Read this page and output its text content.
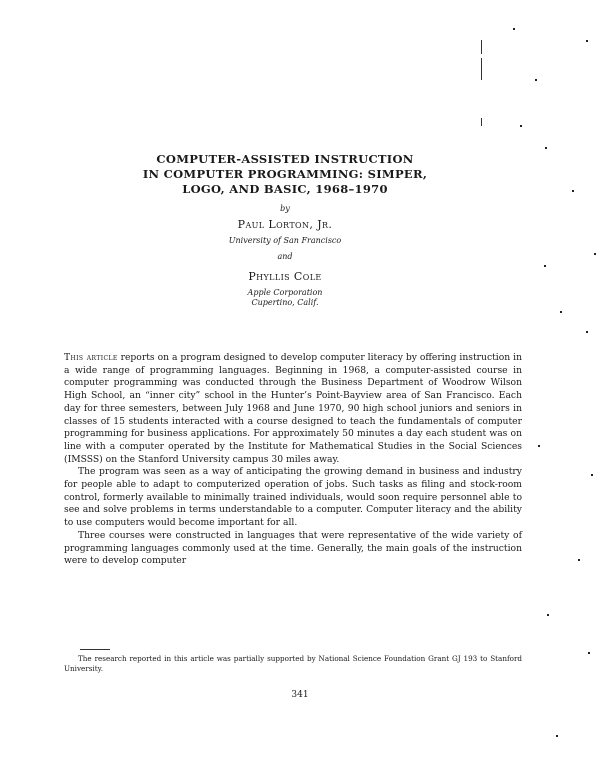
COMPUTER-ASSISTED INSTRUCTION
IN COMPUTER PROGRAMMING: SIMPER,
LOGO, AND BASIC, 1968–1970
by
Paul Lorton, Jr.
University of San Francisco
and
Phyllis Cole
Apple Corporation
Cupertino, Calif.

This article reports on a program designed to develop computer literacy by offering instruction in a wide range of programming languages. Beginning in 1968, a computer-assisted course in computer programming was conducted through the Business Department of Woodrow Wilson High School, an “inner city” school in the Hunter’s Point-Bayview area of San Francisco. Each day for three semesters, between July 1968 and June 1970, 90 high school juniors and seniors in classes of 15 students interacted with a course designed to teach the fundamentals of computer programming for business applications. For approximately 50 minutes a day each student was on line with a computer operated by the Institute for Mathematical Studies in the Social Sciences (IMSSS) on the Stanford University campus 30 miles away.

The program was seen as a way of anticipating the growing demand in business and industry for people able to adapt to computerized operation of jobs. Such tasks as filing and stock-room control, formerly available to minimally trained individuals, would soon require personnel able to see and solve problems in terms understandable to a computer. Computer literacy and the ability to use computers would become important for all.

Three courses were constructed in languages that were representative of the wide variety of programming languages commonly used at the time. Generally, the main goals of the instruction were to develop computer

The research reported in this article was partially supported by National Science Foundation Grant GJ 193 to Stanford University.
341
